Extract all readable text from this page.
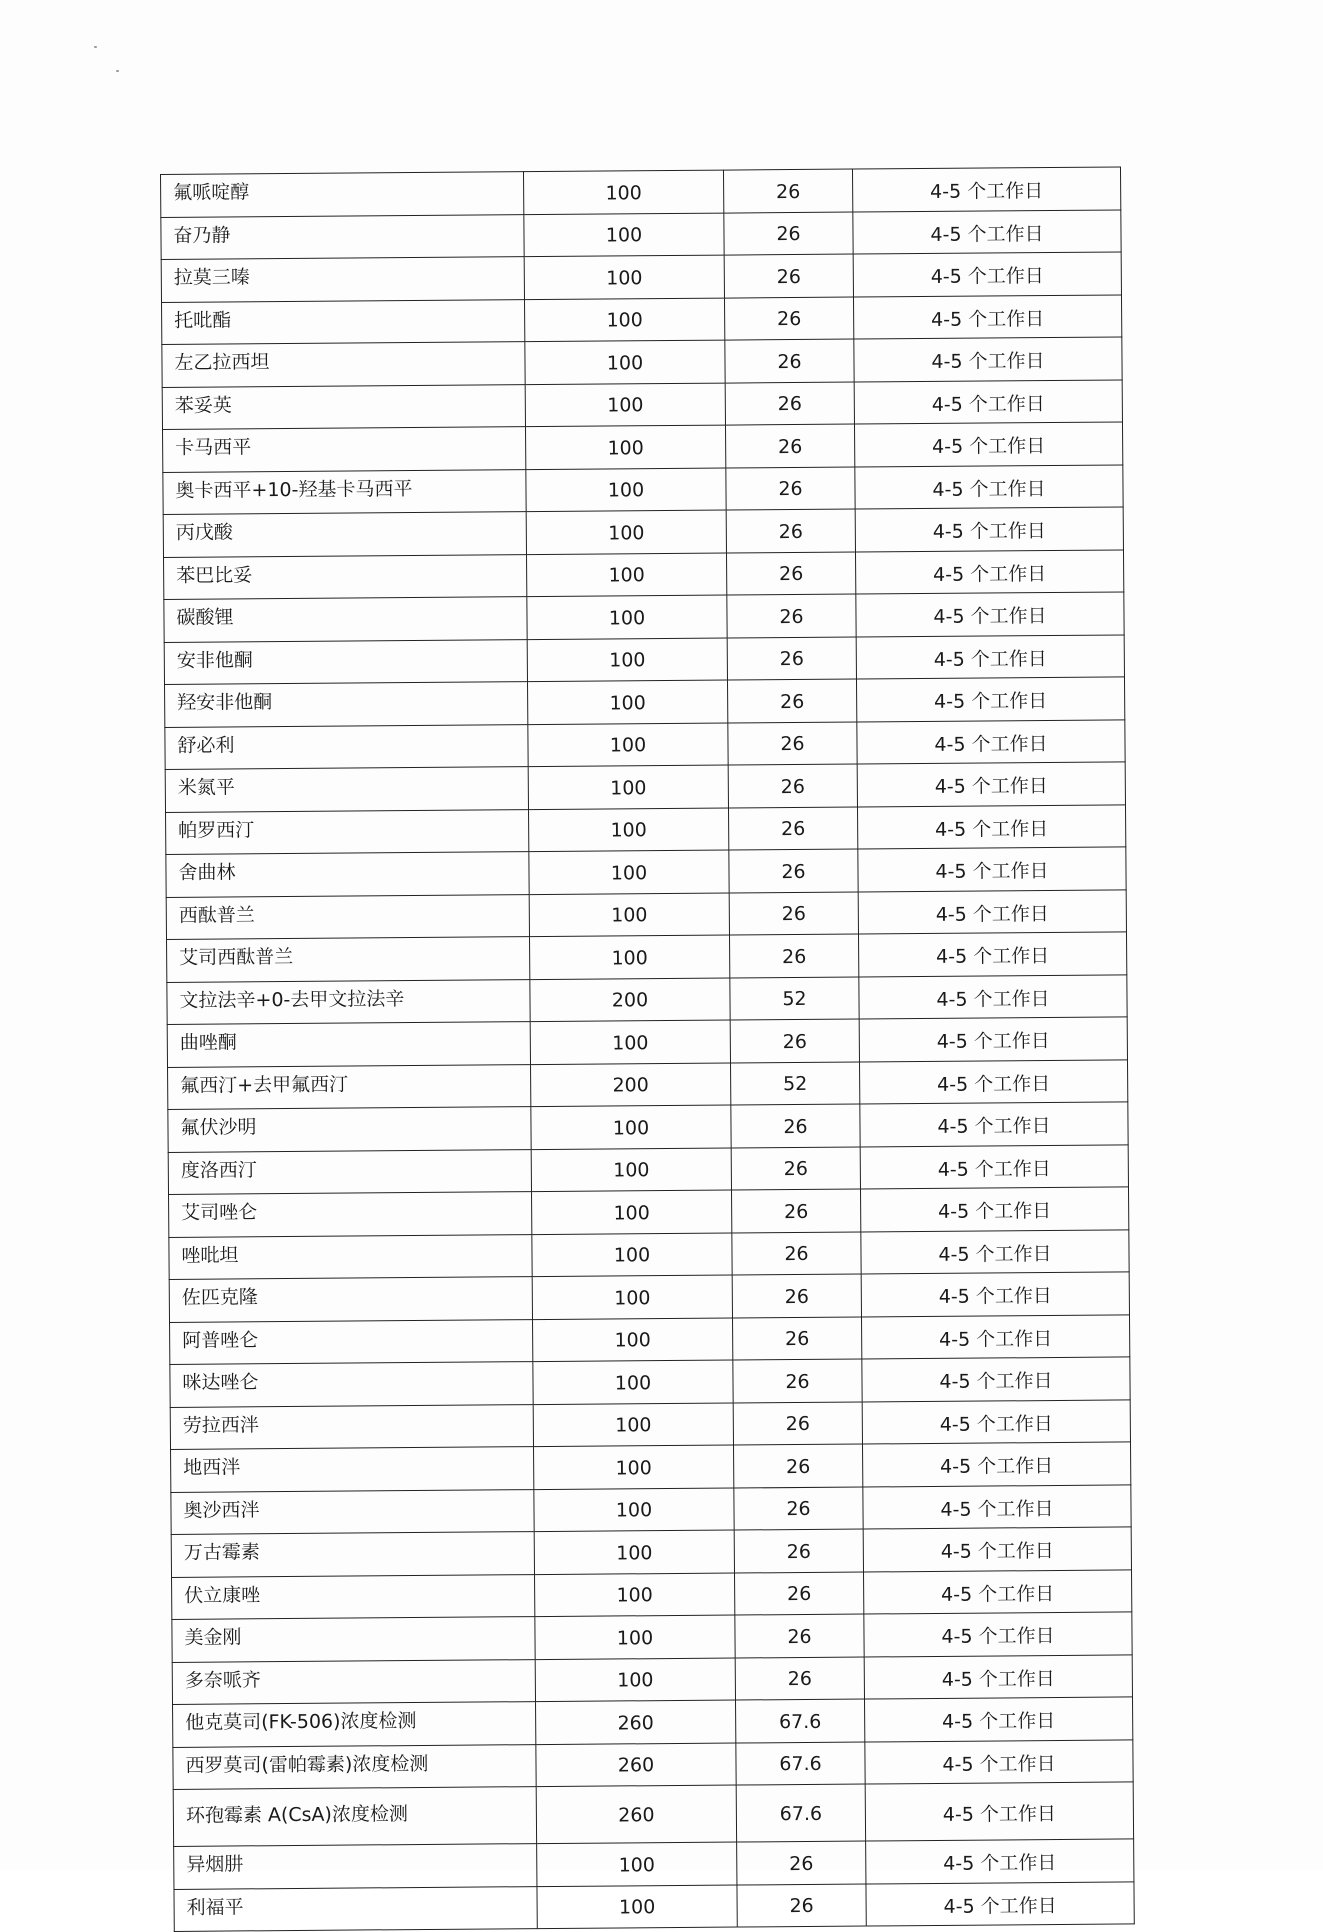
氟哌啶醇	100	26	4-5 个工作日
奋乃静	100	26	4-5 个工作日
拉莫三嗪	100	26	4-5 个工作日
托吡酯	100	26	4-5 个工作日
左乙拉西坦	100	26	4-5 个工作日
苯妥英	100	26	4-5 个工作日
卡马西平	100	26	4-5 个工作日
奥卡西平+10-羟基卡马西平	100	26	4-5 个工作日
丙戊酸	100	26	4-5 个工作日
苯巴比妥	100	26	4-5 个工作日
碳酸锂	100	26	4-5 个工作日
安非他酮	100	26	4-5 个工作日
羟安非他酮	100	26	4-5 个工作日
舒必利	100	26	4-5 个工作日
米氮平	100	26	4-5 个工作日
帕罗西汀	100	26	4-5 个工作日
舍曲林	100	26	4-5 个工作日
西酞普兰	100	26	4-5 个工作日
艾司西酞普兰	100	26	4-5 个工作日
文拉法辛+0-去甲文拉法辛	200	52	4-5 个工作日
曲唑酮	100	26	4-5 个工作日
氟西汀+去甲氟西汀	200	52	4-5 个工作日
氟伏沙明	100	26	4-5 个工作日
度洛西汀	100	26	4-5 个工作日
艾司唑仑	100	26	4-5 个工作日
唑吡坦	100	26	4-5 个工作日
佐匹克隆	100	26	4-5 个工作日
阿普唑仑	100	26	4-5 个工作日
咪达唑仑	100	26	4-5 个工作日
劳拉西泮	100	26	4-5 个工作日
地西泮	100	26	4-5 个工作日
奥沙西泮	100	26	4-5 个工作日
万古霉素	100	26	4-5 个工作日
伏立康唑	100	26	4-5 个工作日
美金刚	100	26	4-5 个工作日
多奈哌齐	100	26	4-5 个工作日
他克莫司(FK-506)浓度检测	260	67.6	4-5 个工作日
西罗莫司(雷帕霉素)浓度检测	260	67.6	4-5 个工作日
环孢霉素 A(CsA)浓度检测	260	67.6	4-5 个工作日
异烟肼	100	26	4-5 个工作日
利福平	100	26	4-5 个工作日
